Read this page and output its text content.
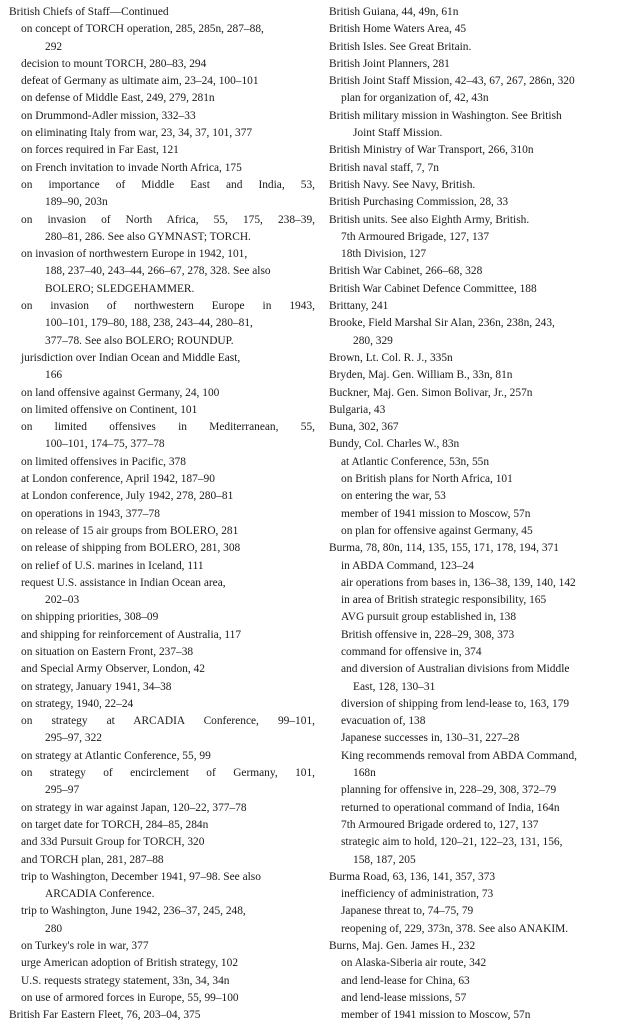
British Chiefs of Staff—Continued
on concept of TORCH operation, 285, 285n, 287–88,
292
decision to mount TORCH, 280–83, 294
defeat of Germany as ultimate aim, 23–24, 100–101
on defense of Middle East, 249, 279, 281n
on Drummond-Adler mission, 332–33
on eliminating Italy from war, 23, 34, 37, 101, 377
on forces required in Far East, 121
on French invitation to invade North Africa, 175
on importance of Middle East and India, 53,
189–90, 203n
on invasion of North Africa, 55, 175, 238–39,
280–81, 286. See also GYMNAST; TORCH.
on invasion of northwestern Europe in 1942, 101,
188, 237–40, 243–44, 266–67, 278, 328. See also
BOLERO; SLEDGEHAMMER.
on invasion of northwestern Europe in 1943,
100–101, 179–80, 188, 238, 243–44, 280–81,
377–78. See also BOLERO; ROUNDUP.
jurisdiction over Indian Ocean and Middle East,
166
on land offensive against Germany, 24, 100
on limited offensive on Continent, 101
on limited offensives in Mediterranean, 55,
100–101, 174–75, 377–78
on limited offensives in Pacific, 378
at London conference, April 1942, 187–90
at London conference, July 1942, 278, 280–81
on operations in 1943, 377–78
on release of 15 air groups from BOLERO, 281
on release of shipping from BOLERO, 281, 308
on relief of U.S. marines in Iceland, 111
request U.S. assistance in Indian Ocean area,
202–03
on shipping priorities, 308–09
and shipping for reinforcement of Australia, 117
on situation on Eastern Front, 237–38
and Special Army Observer, London, 42
on strategy, January 1941, 34–38
on strategy, 1940, 22–24
on strategy at ARCADIA Conference, 99–101,
295–97, 322
on strategy at Atlantic Conference, 55, 99
on strategy of encirclement of Germany, 101,
295–97
on strategy in war against Japan, 120–22, 377–78
on target date for TORCH, 284–85, 284n
and 33d Pursuit Group for TORCH, 320
and TORCH plan, 281, 287–88
trip to Washington, December 1941, 97–98. See also
ARCADIA Conference.
trip to Washington, June 1942, 236–37, 245, 248,
280
on Turkey's role in war, 377
urge American adoption of British strategy, 102
U.S. requests strategy statement, 33n, 34, 34n
on use of armored forces in Europe, 55, 99–100
British Far Eastern Fleet, 76, 203–04, 375
British Guiana, 44, 49n, 61n
British Home Waters Area, 45
British Isles. See Great Britain.
British Joint Planners, 281
British Joint Staff Mission, 42–43, 67, 267, 286n, 320
plan for organization of, 42, 43n
British military mission in Washington. See British
Joint Staff Mission.
British Ministry of War Transport, 266, 310n
British naval staff, 7, 7n
British Navy. See Navy, British.
British Purchasing Commission, 28, 33
British units. See also Eighth Army, British.
7th Armoured Brigade, 127, 137
18th Division, 127
British War Cabinet, 266–68, 328
British War Cabinet Defence Committee, 188
Brittany, 241
Brooke, Field Marshal Sir Alan, 236n, 238n, 243,
280, 329
Brown, Lt. Col. R. J., 335n
Bryden, Maj. Gen. William B., 33n, 81n
Buckner, Maj. Gen. Simon Bolivar, Jr., 257n
Bulgaria, 43
Buna, 302, 367
Bundy, Col. Charles W., 83n
at Atlantic Conference, 53n, 55n
on British plans for North Africa, 101
on entering the war, 53
member of 1941 mission to Moscow, 57n
on plan for offensive against Germany, 45
Burma, 78, 80n, 114, 135, 155, 171, 178, 194, 371
in ABDA Command, 123–24
air operations from bases in, 136–38, 139, 140, 142
in area of British strategic responsibility, 165
AVG pursuit group established in, 138
British offensive in, 228–29, 308, 373
command for offensive in, 374
and diversion of Australian divisions from Middle
East, 128, 130–31
diversion of shipping from lend-lease to, 163, 179
evacuation of, 138
Japanese successes in, 130–31, 227–28
King recommends removal from ABDA Command,
168n
planning for offensive in, 228–29, 308, 372–79
returned to operational command of India, 164n
7th Armoured Brigade ordered to, 127, 137
strategic aim to hold, 120–21, 122–23, 131, 156,
158, 187, 205
Burma Road, 63, 136, 141, 357, 373
inefficiency of administration, 73
Japanese threat to, 74–75, 79
reopening of, 229, 373n, 378. See also ANAKIM.
Burns, Maj. Gen. James H., 232
on Alaska-Siberia air route, 342
and lend-lease for China, 63
and lend-lease missions, 57
member of 1941 mission to Moscow, 57n
